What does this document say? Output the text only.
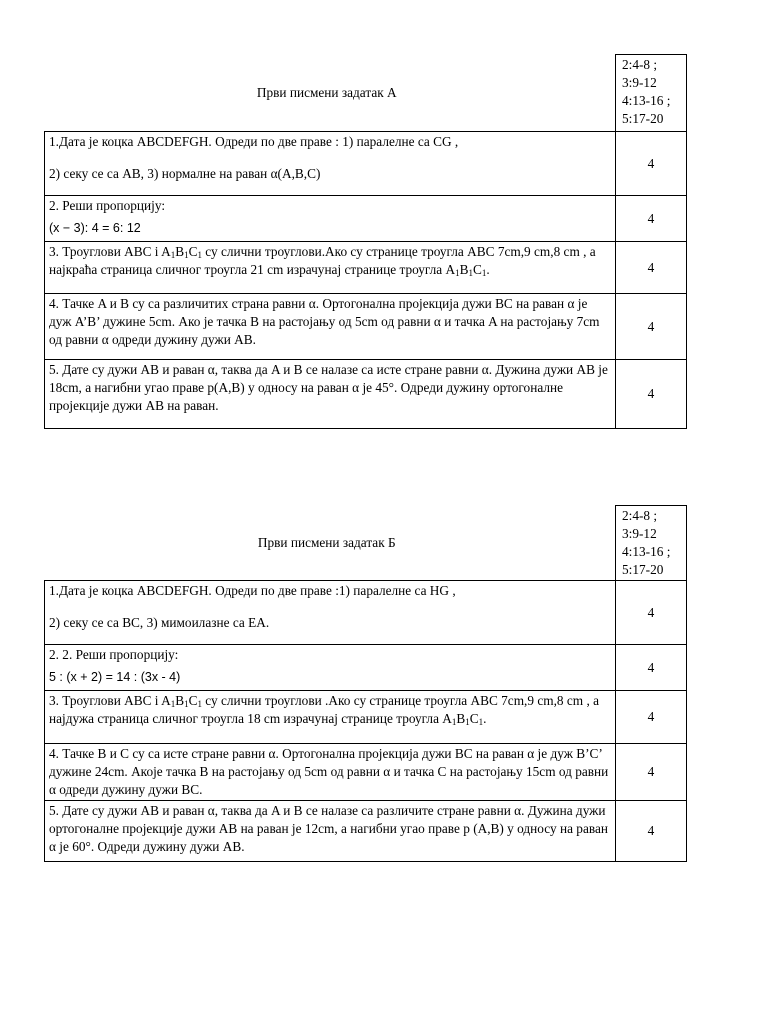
Први писмени задатак А	2:4-8 ;
3:9-12
4:13-16 ;
5:17-20

1.Дата је коцка ABCDEFGH. Одреди по две праве : 1) паралелне са CG ,

2) секу се са AB, 3) нормалне на раван α(A,B,C)	4

2. Реши пропорцију:

(x − 3): 4 = 6: 12	4

3. Троуглови ABC i $A_1B_1C_1$ су слични троуглови.Ако су странице троугла ABC 7cm,9 cm,8 cm , а најкраћа страница сличног троугла 21 cm израчунај странице троугла $A_1B_1C_1$.	4
4. Тачке A и B су са различитих страна равни α. Ортогонална пројекција дужи BC на раван α је дуж A’B’ дужине 5cm. Ако је тачка B на растојању од 5cm од равни α и тачка A на растојању 7cm од равни α одреди дужину дужи AB.	4
5. Дате су дужи AB и раван α, таква да A и B се налазе са исте стране равни α. Дужина дужи AB је 18cm, а нагибни угао праве p(A,B) у односу на раван α је 45°. Одреди дужину ортогоналне пројекције дужи AB на раван.	4
Први писмени задатак Б	2:4-8 ;
3:9-12
4:13-16 ;
5:17-20

1.Дата је коцка ABCDEFGH. Одреди по две праве :1) паралелне са HG ,

2) секу се са BC, 3) мимоилазне са EA.	4

2. 2. Реши пропорцију:

5 : (x + 2) = 14 : (3x - 4)	4

3. Троуглови ABC i $A_1B_1C_1$ су слични троуглови .Ако су странице троугла ABC 7cm,9 cm,8 cm , а најдужа страница сличног троугла 18 cm израчунај странице троугла $A_1B_1C_1$.	4
4. Тачке B и C су са исте стране равни α. Ортогонална пројекција дужи BC на раван α је дуж B’C’ дужине 24cm. Акоје тачка B на растојању од 5cm од равни α и тачка C на растојању 15cm од равни α одреди дужину дужи BC.	4
5. Дате су дужи AB и раван α, таква да A и B се налазе са различите стране равни α. Дужина дужи ортогоналне пројекције дужи AB на раван је 12cm, а нагибни угао праве p (A,B) у односу на раван α је 60°. Одреди дужину дужи AB.	4
